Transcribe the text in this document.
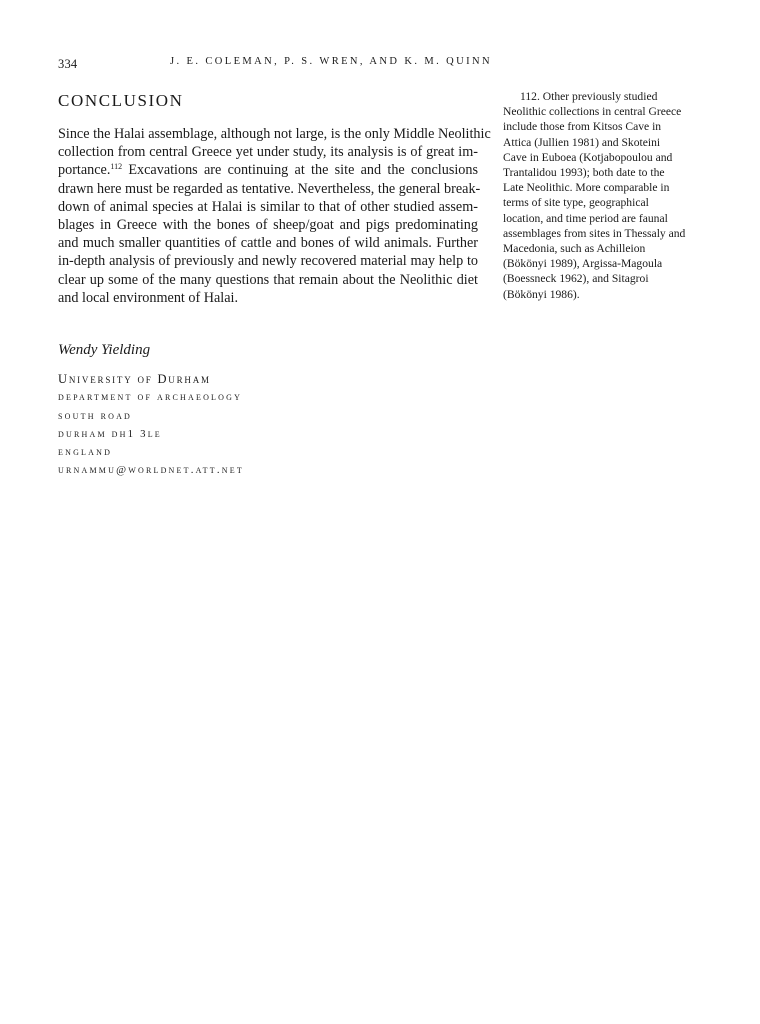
334	J. E. COLEMAN, P. S. WREN, AND K. M. QUINN
CONCLUSION
Since the Halai assemblage, although not large, is the only Middle Neolithic
collection from central Greece yet under study, its analysis is of great im-
portance.$^{112}$ Excavations are continuing at the site and the conclusions
drawn here must be regarded as tentative. Nevertheless, the general break-
down of animal species at Halai is similar to that of other studied assem-
blages in Greece with the bones of sheep/goat and pigs predominating
and much smaller quantities of cattle and bones of wild animals. Further
in-depth analysis of previously and newly recovered material may help to
clear up some of the many questions that remain about the Neolithic diet
and local environment of Halai.
Wendy Yielding
University of Durham
department of archaeology
south road
durham dh1 3le
england
urnammu@worldnet.att.net
112. Other previously studied
Neolithic collections in central Greece
include those from Kitsos Cave in
Attica (Jullien 1981) and Skoteini
Cave in Euboea (Kotjabopoulou and
Trantalidou 1993); both date to the
Late Neolithic. More comparable in
terms of site type, geographical
location, and time period are faunal
assemblages from sites in Thessaly and
Macedonia, such as Achilleion
(Bökönyi 1989), Argissa-Magoula
(Boessneck 1962), and Sitagroi
(Bökönyi 1986).
